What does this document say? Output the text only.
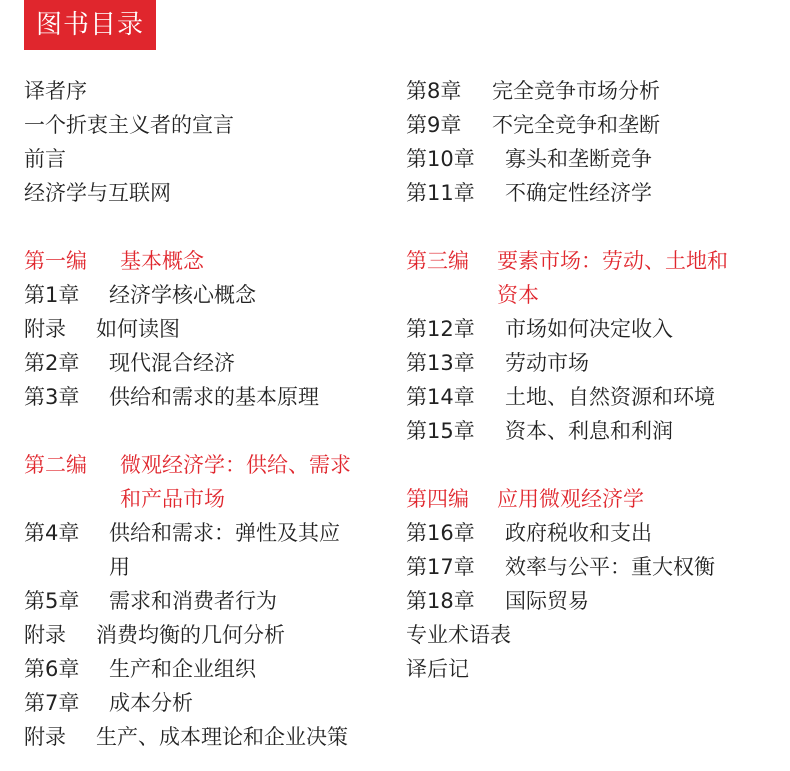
图书目录
译者序
一个折衷主义者的宣言
前言
经济学与互联网
第一编	基本概念
第1章	经济学核心概念
附录	如何读图
第2章	现代混合经济
第3章	供给和需求的基本原理
第二编	微观经济学：供给、需求
和产品市场
第4章	供给和需求：弹性及其应
用
第5章	需求和消费者行为
附录	消费均衡的几何分析
第6章	生产和企业组织
第7章	成本分析
附录	生产、成本理论和企业决策
第8章	完全竞争市场分析
第9章	不完全竞争和垄断
第10章	寡头和垄断竞争
第11章	不确定性经济学
第三编	要素市场：劳动、土地和
资本
第12章	市场如何决定收入
第13章	劳动市场
第14章	土地、自然资源和环境
第15章	资本、利息和利润
第四编	应用微观经济学
第16章	政府税收和支出
第17章	效率与公平：重大权衡
第18章	国际贸易
专业术语表
译后记
